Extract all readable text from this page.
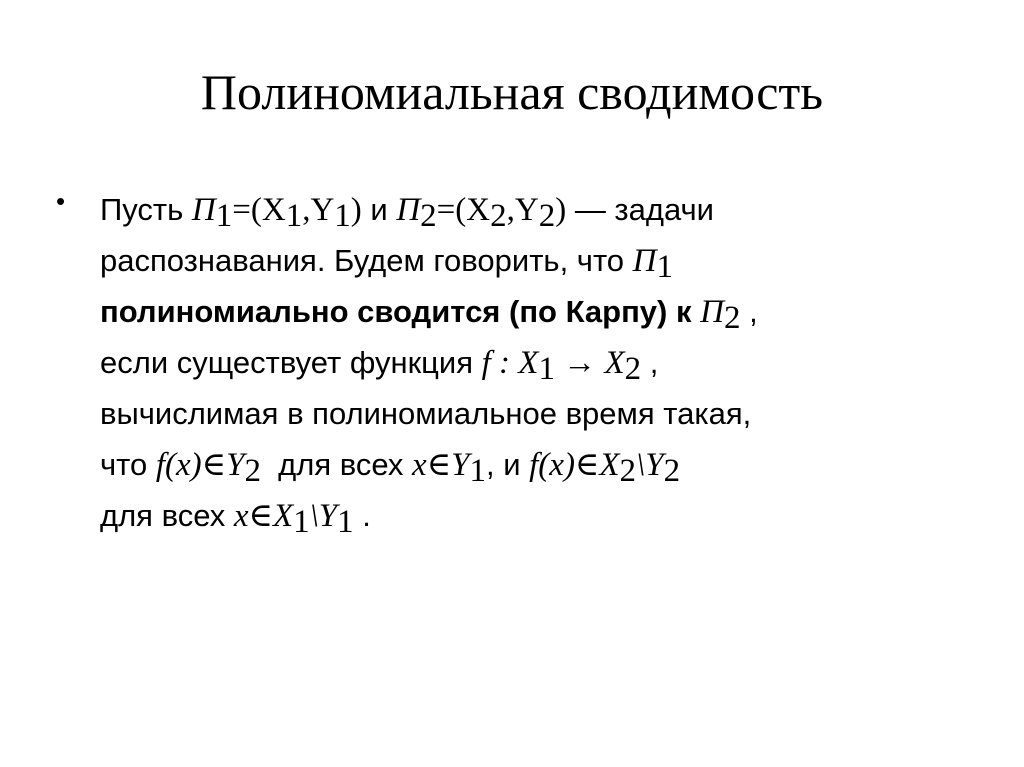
Полиномиальная сводимость
• Пусть $П_1=(X_1,Y_1)$ и $П_2=(X_2,Y_2)$ — задачи
распознавания. Будем говорить, что $П_1$
полиномиально сводится (по Карпу) к $П_2$ ,
если существует функция f : $X_1 \to X_2$ ,
вычислимая в полиномиальное время такая,
что $f(x)\in Y_2$  для всех $x\in Y_1$, и $f(x)\in X_2\backslash Y_2$
для всех $x\in X_1\backslash Y_1$ .
